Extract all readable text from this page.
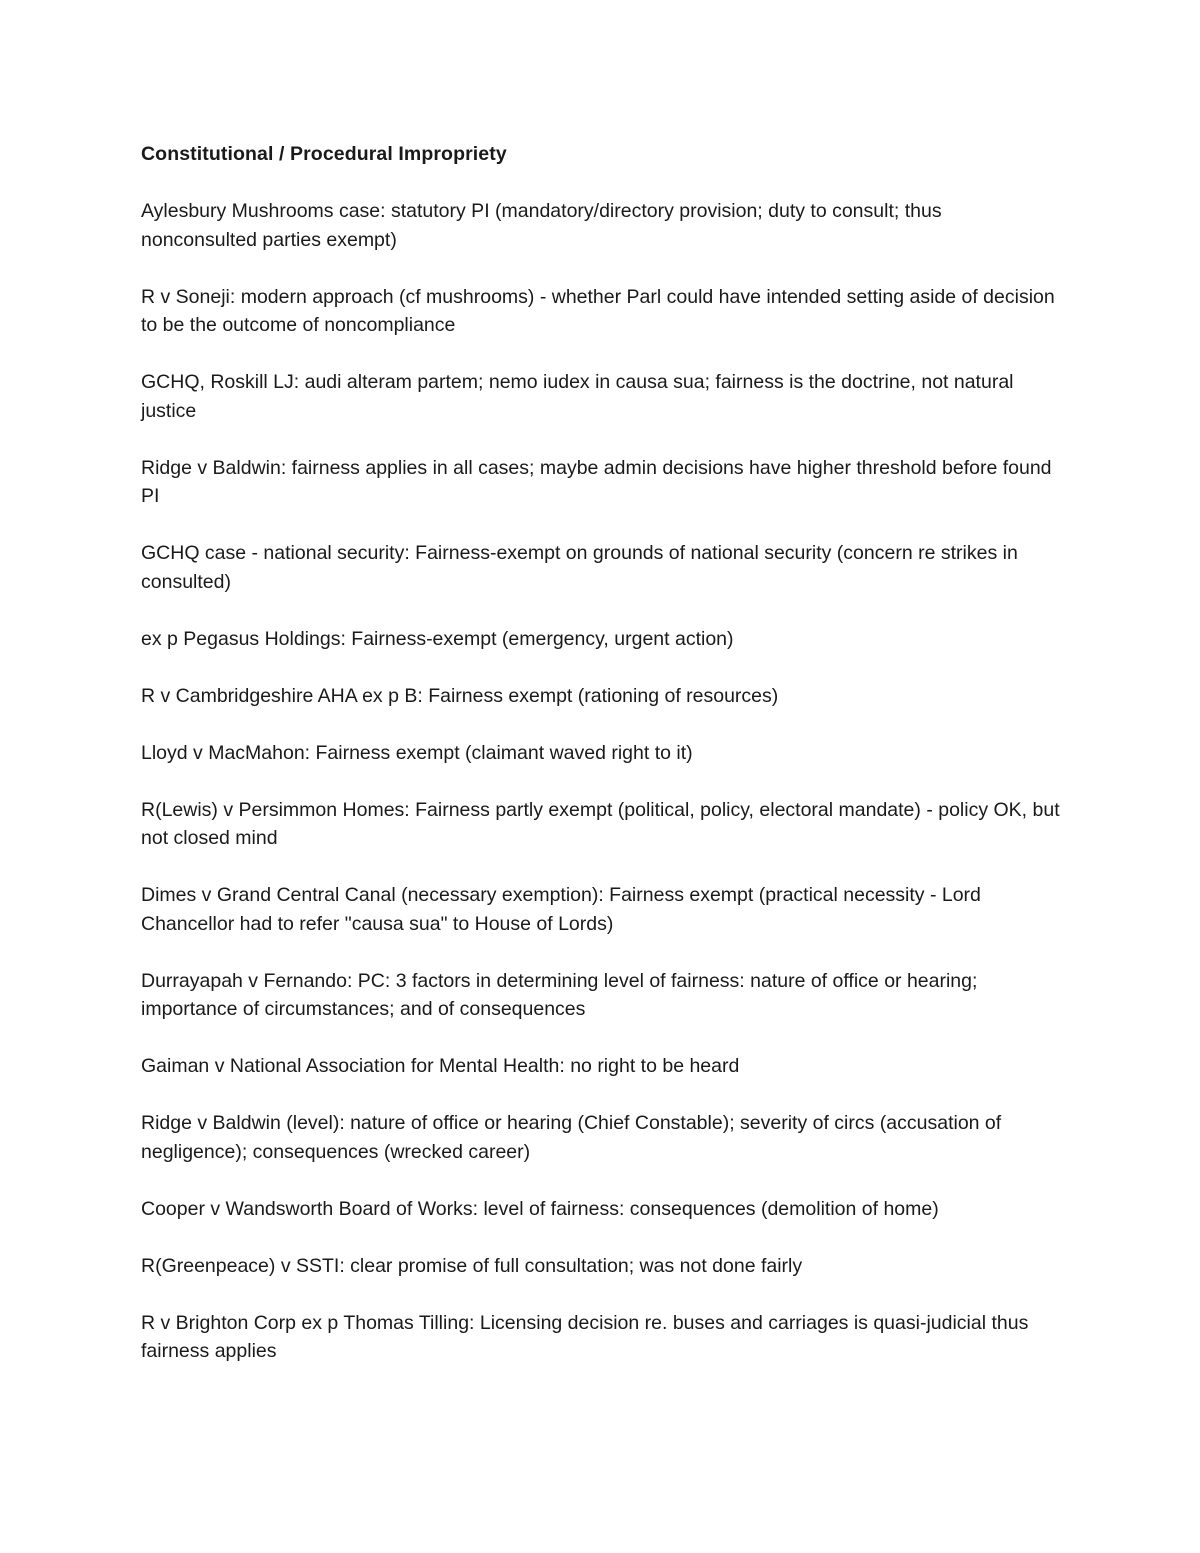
Constitutional / Procedural Impropriety

Aylesbury Mushrooms case: statutory PI (mandatory/directory provision; duty to consult; thus nonconsulted parties exempt)

R v Soneji: modern approach (cf mushrooms) - whether Parl could have intended setting aside of decision to be the outcome of noncompliance

GCHQ, Roskill LJ: audi alteram partem; nemo iudex in causa sua; fairness is the doctrine, not natural justice

Ridge v Baldwin: fairness applies in all cases; maybe admin decisions have higher threshold before found PI

GCHQ case - national security: Fairness-exempt on grounds of national security (concern re strikes in consulted)

ex p Pegasus Holdings: Fairness-exempt (emergency, urgent action)

R v Cambridgeshire AHA ex p B: Fairness exempt (rationing of resources)

Lloyd v MacMahon: Fairness exempt (claimant waved right to it)

R(Lewis) v Persimmon Homes: Fairness partly exempt (political, policy, electoral mandate) - policy OK, but not closed mind

Dimes v Grand Central Canal (necessary exemption): Fairness exempt (practical necessity - Lord Chancellor had to refer "causa sua" to House of Lords)

Durrayapah v Fernando: PC: 3 factors in determining level of fairness: nature of office or hearing; importance of circumstances; and of consequences

Gaiman v National Association for Mental Health: no right to be heard

Ridge v Baldwin (level): nature of office or hearing (Chief Constable); severity of circs (accusation of negligence); consequences (wrecked career)

Cooper v Wandsworth Board of Works: level of fairness: consequences (demolition of home)

R(Greenpeace) v SSTI: clear promise of full consultation; was not done fairly

R v Brighton Corp ex p Thomas Tilling: Licensing decision re. buses and carriages is quasi-judicial thus fairness applies
